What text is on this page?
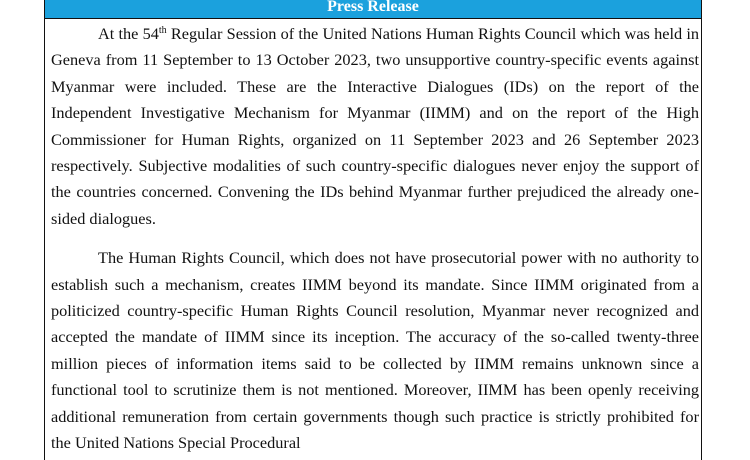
Press Release

At the 54th Regular Session of the United Nations Human Rights Council which was held in Geneva from 11 September to 13 October 2023, two unsupportive country-specific events against Myanmar were included. These are the Interactive Dialogues (IDs) on the report of the Independent Investigative Mechanism for Myanmar (IIMM) and on the report of the High Commissioner for Human Rights, organized on 11 September 2023 and 26 September 2023 respectively. Subjective modalities of such country-specific dialogues never enjoy the support of the countries concerned. Convening the IDs behind Myanmar further prejudiced the already one-sided dialogues.

The Human Rights Council, which does not have prosecutorial power with no authority to establish such a mechanism, creates IIMM beyond its mandate. Since IIMM originated from a politicized country-specific Human Rights Council resolution, Myanmar never recognized and accepted the mandate of IIMM since its inception. The accuracy of the so-called twenty-three million pieces of information items said to be collected by IIMM remains unknown since a functional tool to scrutinize them is not mentioned. Moreover, IIMM has been openly receiving additional remuneration from certain governments though such practice is strictly prohibited for the United Nations Special Procedural
